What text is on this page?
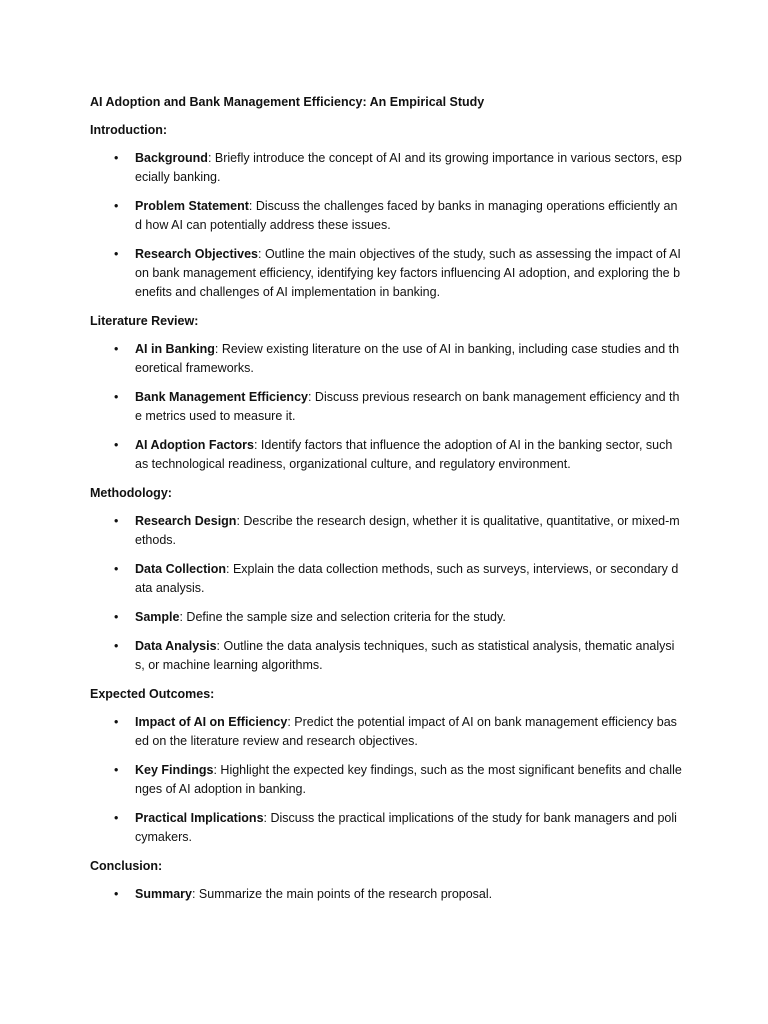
AI Adoption and Bank Management Efficiency: An Empirical Study
Introduction:
• Background: Briefly introduce the concept of AI and its growing importance in various sectors, especially banking.
• Problem Statement: Discuss the challenges faced by banks in managing operations efficiently and how AI can potentially address these issues.
• Research Objectives: Outline the main objectives of the study, such as assessing the impact of AI on bank management efficiency, identifying key factors influencing AI adoption, and exploring the benefits and challenges of AI implementation in banking.
Literature Review:
• AI in Banking: Review existing literature on the use of AI in banking, including case studies and theoretical frameworks.
• Bank Management Efficiency: Discuss previous research on bank management efficiency and the metrics used to measure it.
• AI Adoption Factors: Identify factors that influence the adoption of AI in the banking sector, such as technological readiness, organizational culture, and regulatory environment.
Methodology:
• Research Design: Describe the research design, whether it is qualitative, quantitative, or mixed-methods.
• Data Collection: Explain the data collection methods, such as surveys, interviews, or secondary data analysis.
• Sample: Define the sample size and selection criteria for the study.
• Data Analysis: Outline the data analysis techniques, such as statistical analysis, thematic analysis, or machine learning algorithms.
Expected Outcomes:
• Impact of AI on Efficiency: Predict the potential impact of AI on bank management efficiency based on the literature review and research objectives.
• Key Findings: Highlight the expected key findings, such as the most significant benefits and challenges of AI adoption in banking.
• Practical Implications: Discuss the practical implications of the study for bank managers and policymakers.
Conclusion:
• Summary: Summarize the main points of the research proposal.
